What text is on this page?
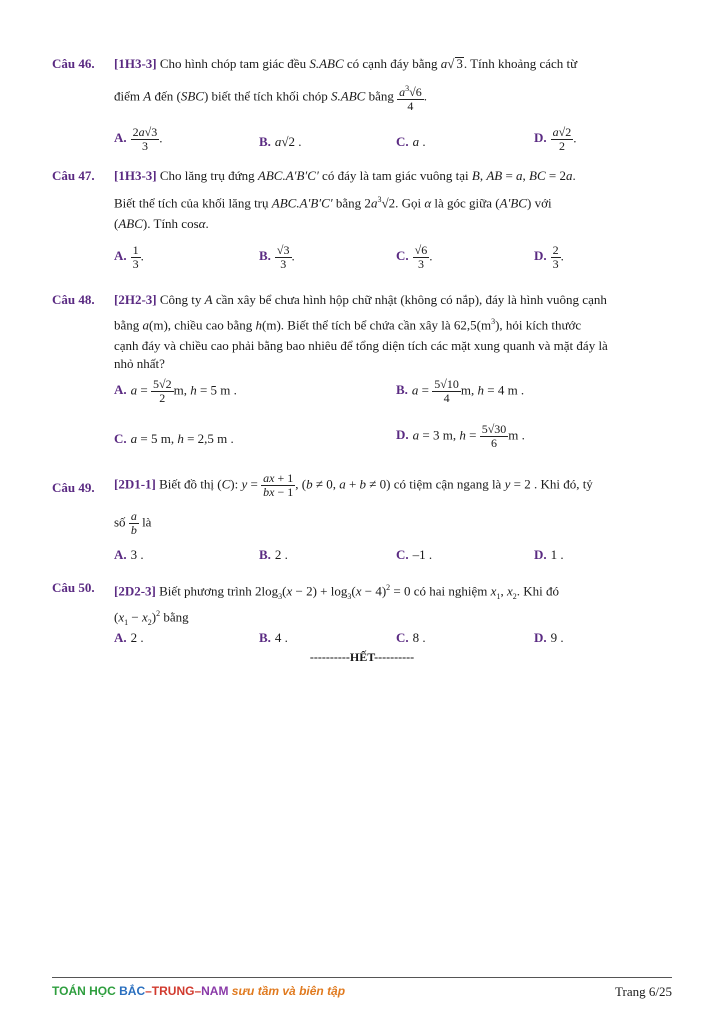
Câu 46. [1H3-3] Cho hình chóp tam giác đều S.ABC có cạnh đáy bằng a√ 3. Tính khoảng cách từ
điểm A đến (SBC) biết thể tích khối chóp S.ABC bằng $\frac{a^3√6}{4}$ .
A. $\frac{2a√3}{3}$ .	B. a√2 .	C. a .	D. $\frac{a√2}{2}$ .
Câu 47. [1H3-3] Cho lăng trụ đứng ABC.A′B′C′ có đáy là tam giác vuông tại B, AB = a, BC = 2a.
Biết thể tích của khối lăng trụ ABC.A′B′C′ bằng $2a^3√2$. Gọi α là góc giữa (A′BC) với
(ABC). Tính cosα.
A. $\frac{1}{3}$ .	B. $\frac{√3}{3}$ .	C. $\frac{√6}{3}$ .	D. $\frac{2}{3}$ .
Câu 48. [2H2-3] Công ty A cần xây bể chưa hình hộp chữ nhật (không có nắp), đáy là hình vuông cạnh
bằng a(m), chiều cao bằng h(m). Biết thể tích bể chứa cần xây là $62,5(m^3)$, hỏi kích thước
cạnh đáy và chiều cao phải bằng bao nhiêu để tổng diện tích các mặt xung quanh và mặt đáy là
nhỏ nhất?
A. $a = \frac{5√2}{2} m$, h = 5 m .	B. $a = \frac{5√10}{4} m$, h = 4 m .
C. a = 5 m, h = 2,5 m .	D. a = 3 m, $h = \frac{5√30}{6}$ m .
Câu 49. [2D1-1] Biết đồ thị (C): $y = \frac{ax + 1}{bx - 1}$ , (b ≠ 0, a + b ≠ 0) có tiệm cận ngang là y = 2 . Khi đó, tỷ
số $\frac{a}{b}$ là
A. 3 .	B. 2 .	C. –1 .	D. 1 .
Câu 50. [2D2-3] Biết phương trình $2\log_3(x - 2) + \log_3(x - 4)^2 = 0$ có hai nghiệm $x_1$, $x_2$. Khi đó
$(x_1 - x_2)^2$ bằng
A. 2 .	B. 4 .	C. 8 .	D. 9 .
----------HẾT----------
TOÁN HỌC BẮC–TRUNG–NAM sưu tầm và biên tập	Trang 6/25
